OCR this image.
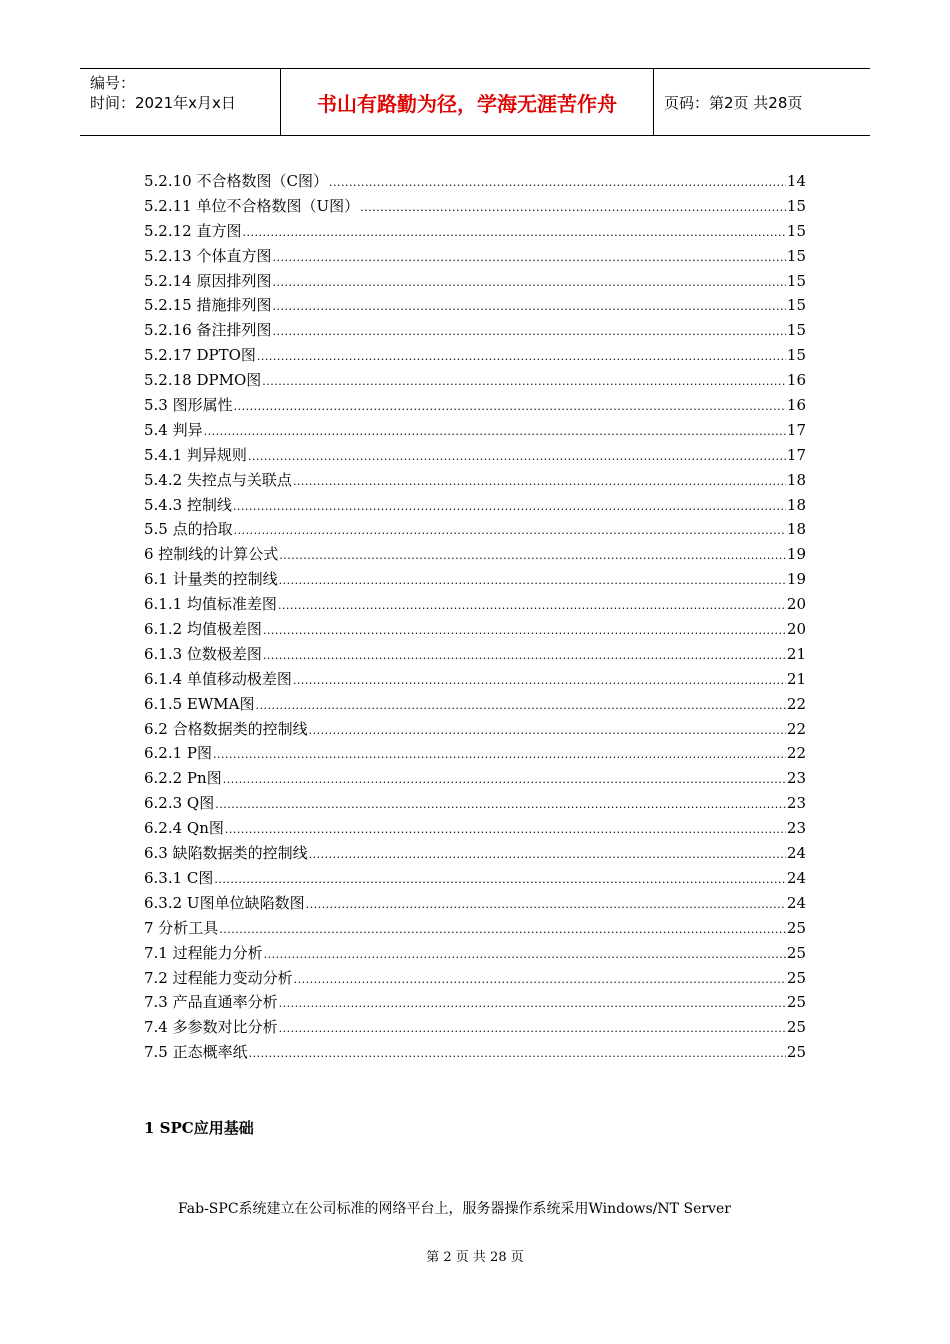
编号：
时间：2021年x月x日	书山有路勤为径，学海无涯苦作舟	页码：第2页 共28页
5.2.10 不合格数图（C图） .....	14
5.2.11 单位不合格数图（U图） .....	15
5.2.12 直方图 .....	15
5.2.13 个体直方图 .....	15
5.2.14 原因排列图 .....	15
5.2.15 措施排列图 .....	15
5.2.16 备注排列图 .....	15
5.2.17 DPTO图 .....	15
5.2.18 DPMO图 .....	16
5.3 图形属性 .....	16
5.4 判异 .....	17
5.4.1 判异规则 .....	17
5.4.2 失控点与关联点 .....	18
5.4.3 控制线 .....	18
5.5 点的拾取 .....	18
6 控制线的计算公式 .....	19
6.1 计量类的控制线 .....	19
6.1.1 均值标准差图 .....	20
6.1.2 均值极差图 .....	20
6.1.3 位数极差图 .....	21
6.1.4 单值移动极差图 .....	21
6.1.5 EWMA图 .....	22
6.2 合格数据类的控制线 .....	22
6.2.1 P图 .....	22
6.2.2 Pn图 .....	23
6.2.3 Q图 .....	23
6.2.4 Qn图 .....	23
6.3 缺陷数据类的控制线 .....	24
6.3.1 C图 .....	24
6.3.2 U图单位缺陷数图 .....	24
7 分析工具 .....	25
7.1 过程能力分析 .....	25
7.2 过程能力变动分析 .....	25
7.3 产品直通率分析 .....	25
7.4 多参数对比分析 .....	25
7.5 正态概率纸 .....	25
1 SPC应用基础
Fab-SPC系统建立在公司标准的网络平台上，服务器操作系统采用Windows/NT Server
第 2 页 共 28 页
